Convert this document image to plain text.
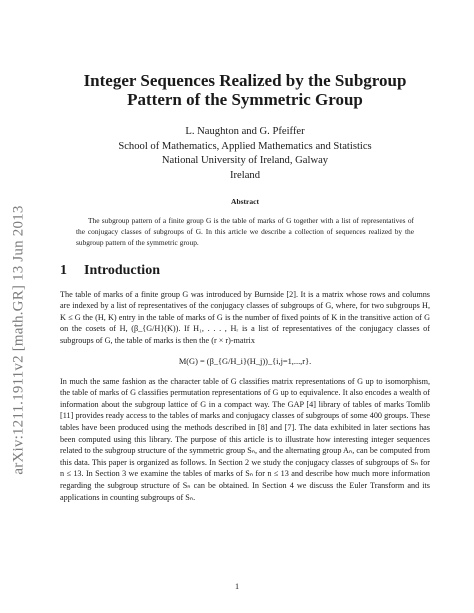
arXiv:1211.1911v2 [math.GR] 13 Jun 2013
Integer Sequences Realized by the Subgroup Pattern of the Symmetric Group
L. Naughton and G. Pfeiffer
School of Mathematics, Applied Mathematics and Statistics
National University of Ireland, Galway
Ireland
Abstract
The subgroup pattern of a finite group G is the table of marks of G together with a list of representatives of the conjugacy classes of subgroups of G. In this article we describe a collection of sequences realized by the subgroup pattern of the symmetric group.
1 Introduction
The table of marks of a finite group G was introduced by Burnside [2]. It is a matrix whose rows and columns are indexed by a list of representatives of the conjugacy classes of subgroups of G, where, for two subgroups H, K ≤ G the (H, K) entry in the table of marks of G is the number of fixed points of K in the transitive action of G on the cosets of H, (β_{G/H}(K)). If H₁, . . . , Hᵣ is a list of representatives of the conjugacy classes of subgroups of G, the table of marks is then the (r × r)-matrix
M(G) = (β_{G/H_i}(H_j))_{i,j=1,...,r}.
In much the same fashion as the character table of G classifies matrix representations of G up to isomorphism, the table of marks of G classifies permutation representations of G up to equivalence. It also encodes a wealth of information about the subgroup lattice of G in a compact way. The GAP [4] library of tables of marks Tomlib [11] provides ready access to the tables of marks and conjugacy classes of subgroups of some 400 groups. These tables have been produced using the methods described in [8] and [7]. The data exhibited in later sections has been computed using this library. The purpose of this article is to illustrate how interesting integer sequences related to the subgroup structure of the symmetric group Sₙ, and the alternating group Aₙ, can be computed from this data. This paper is organized as follows. In Section 2 we study the conjugacy classes of subgroups of Sₙ for n ≤ 13. In Section 3 we examine the tables of marks of Sₙ for n ≤ 13 and describe how much more information regarding the subgroup structure of Sₙ can be obtained. In Section 4 we discuss the Euler Transform and its applications in counting subgroups of Sₙ.
1
